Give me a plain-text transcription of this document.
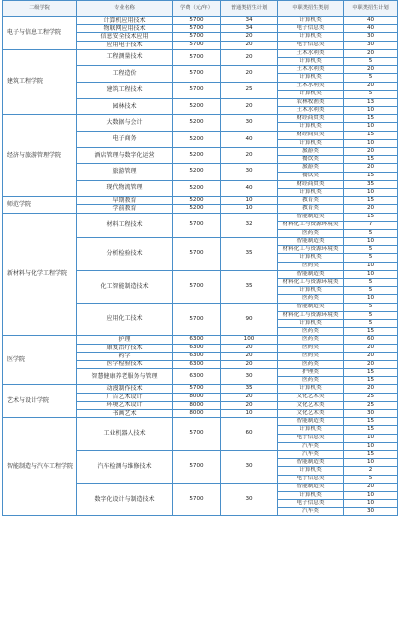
二级学院	专业名称	学费（元/年）	普通类招生计划	中职类招生类别	中职类招生计划
电子与信息工程学院	计算机应用技术	5700	34	计算机类	40
	物联网应用技术	5700	34	电子信息类	40
	信息安全技术应用	5700	20	计算机类	30
	应用电子技术	5700	20	电子信息类	30
建筑工程学院	工程测量技术	5700	20	土木水利类	20
				计算机类	5
	工程造价	5700	20	土木水利类	20
				计算机类	5
	建筑工程技术	5700	25	土木水利类	20
				计算机类	5
	园林技术	5200	20	农林牧渔类	13
				土木水利类	10
经济与旅游管理学院	大数据与会计	5200	30	财经商贸类	15
				计算机类	10
	电子商务	5200	40	财经商贸类	15
				计算机类	10
	酒店管理与数字化运营	5200	20	旅游类	20
				餐饮类	15
	旅游管理	5200	30	旅游类	20
				餐饮类	15
	现代物流管理	5200	40	财经商贸类	35
				计算机类	10
师范学院	早期教育	5200	10	教育类	15
	学前教育	5200	10	教育类	20
新材料与化学工程学院	材料工程技术	5700	32	智能制造类	15
				材料化工与资源环境类	7
				医药类	5
	分析检验技术	5700	35	智能制造类	10
				材料化工与资源环境类	5
				计算机类	5
				医药类	10
	化工智能制造技术	5700	35	智能制造类	10
				材料化工与资源环境类	5
				计算机类	5
				医药类	10
	应用化工技术	5700	90	智能制造类	5
				材料化工与资源环境类	5
				计算机类	5
				医药类	15
医学院	护理	6300	100	医药类	60
	康复治疗技术	6300	20	医药类	20
	药学	6300	20	医药类	20
	医学检验技术	6300	20	医药类	20
	智慧健康养老服务与管理	6300	30	护理类	15
				医药类	15
艺术与设计学院	动漫制作技术	5700	35	计算机类	20
	广告艺术设计	8000	20	文化艺术类	25
	环境艺术设计	8000	20	文化艺术类	25
	书画艺术	8000	10	文化艺术类	30
智能制造与汽车工程学院	工业机器人技术	5700	60	智能制造类	15
				计算机类	15
				电子信息类	10
				汽车类	10
	汽车检测与维修技术	5700	30	汽车类	15
				智能制造类	10
				计算机类	2
				电子信息类	5
	数字化设计与制造技术	5700	30	智能制造类	20
				计算机类	10
				电子信息类	10
				汽车类	30
